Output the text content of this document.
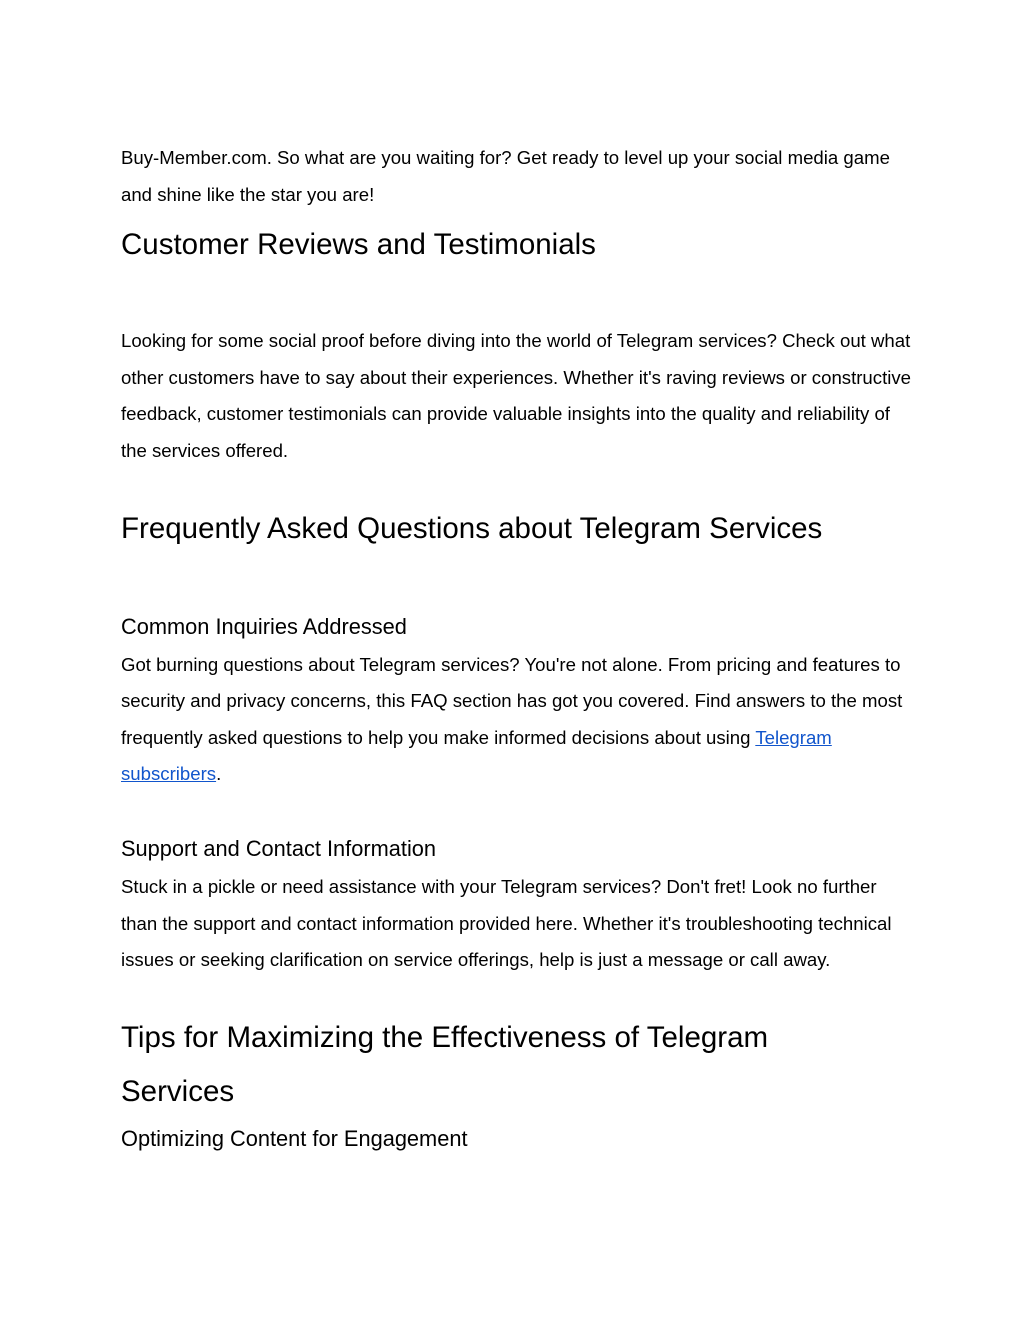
Buy-Member.com. So what are you waiting for? Get ready to level up your social media game and shine like the star you are!

Customer Reviews and Testimonials

Looking for some social proof before diving into the world of Telegram services? Check out what other customers have to say about their experiences. Whether it's raving reviews or constructive feedback, customer testimonials can provide valuable insights into the quality and reliability of the services offered.

Frequently Asked Questions about Telegram Services
Common Inquiries Addressed

Got burning questions about Telegram services? You're not alone. From pricing and features to security and privacy concerns, this FAQ section has got you covered. Find answers to the most frequently asked questions to help you make informed decisions about using Telegram subscribers.

Support and Contact Information

Stuck in a pickle or need assistance with your Telegram services? Don't fret! Look no further than the support and contact information provided here. Whether it's troubleshooting technical issues or seeking clarification on service offerings, help is just a message or call away.

Tips for Maximizing the Effectiveness of Telegram
Services
Optimizing Content for Engagement
